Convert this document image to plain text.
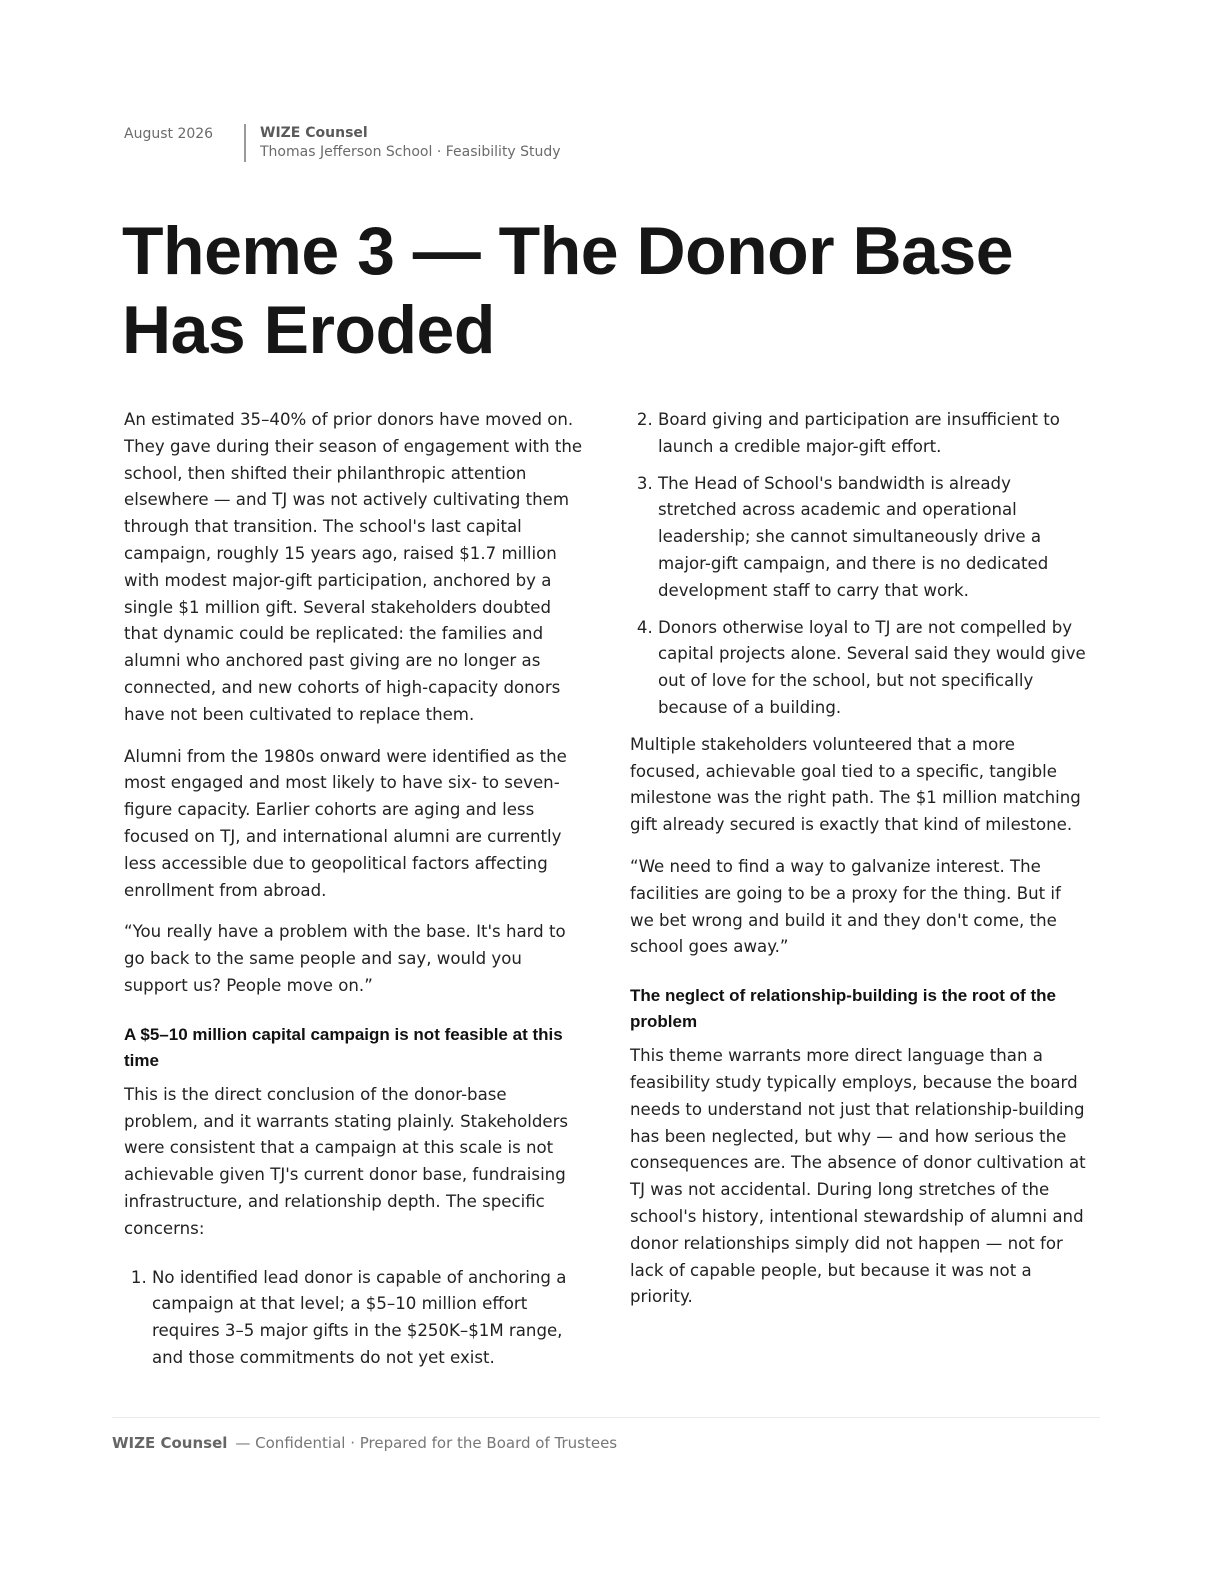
August 2026	WIZE Counsel
Thomas Jefferson School · Feasibility Study
Theme 3 — The Donor Base Has Eroded

An estimated 35–40% of prior donors have moved on. They gave during their season of engagement with the school, then shifted their philanthropic attention elsewhere — and TJ was not actively cultivating them through that transition. The school's last capital campaign, roughly 15 years ago, raised $1.7 million with modest major-gift participation, anchored by a single $1 million gift. Several stakeholders doubted that dynamic could be replicated: the families and alumni who anchored past giving are no longer as connected, and new cohorts of high-capacity donors have not been cultivated to replace them.

Alumni from the 1980s onward were identified as the most engaged and most likely to have six- to seven-figure capacity. Earlier cohorts are aging and less focused on TJ, and international alumni are currently less accessible due to geopolitical factors affecting enrollment from abroad.

“You really have a problem with the base. It's hard to go back to the same people and say, would you support us? People move on.”

A $5–10 million capital campaign is not feasible at this time

This is the direct conclusion of the donor-base problem, and it warrants stating plainly. Stakeholders were consistent that a campaign at this scale is not achievable given TJ's current donor base, fundraising infrastructure, and relationship depth. The specific concerns:

1. No identified lead donor is capable of anchoring a campaign at that level; a $5–10 million effort requires 3–5 major gifts in the $250K–$1M range, and those commitments do not yet exist.
2. Board giving and participation are insufficient to launch a credible major-gift effort.
3. The Head of School's bandwidth is already stretched across academic and operational leadership; she cannot simultaneously drive a major-gift campaign, and there is no dedicated development staff to carry that work.
4. Donors otherwise loyal to TJ are not compelled by capital projects alone. Several said they would give out of love for the school, but not specifically because of a building.

Multiple stakeholders volunteered that a more focused, achievable goal tied to a specific, tangible milestone was the right path. The $1 million matching gift already secured is exactly that kind of milestone.

“We need to find a way to galvanize interest. The facilities are going to be a proxy for the thing. But if we bet wrong and build it and they don't come, the school goes away.”

The neglect of relationship-building is the root of the problem

This theme warrants more direct language than a feasibility study typically employs, because the board needs to understand not just that relationship-building has been neglected, but why — and how serious the consequences are. The absence of donor cultivation at TJ was not accidental. During long stretches of the school's history, intentional stewardship of alumni and donor relationships simply did not happen — not for lack of capable people, but because it was not a priority.

WIZE Counsel — Confidential · Prepared for the Board of Trustees
